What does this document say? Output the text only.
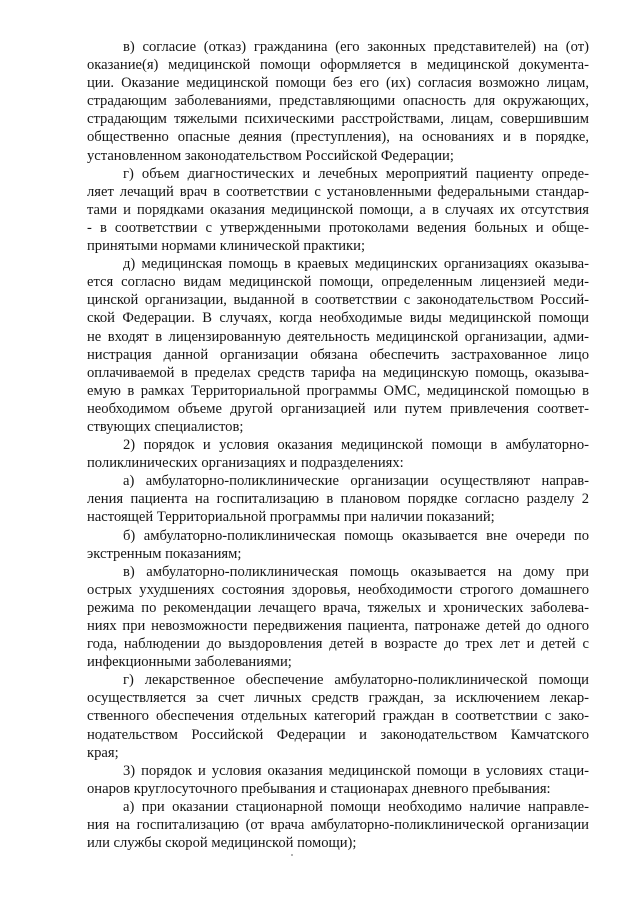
в) согласие (отказ) гражданина (его законных представителей) на (от)
оказание(я) медицинской помощи оформляется в медицинской документа-
ции. Оказание медицинской помощи без его (их) согласия возможно лицам,
страдающим заболеваниями, представляющими опасность для окружающих,
страдающим тяжелыми психическими расстройствами, лицам, совершившим
общественно опасные деяния (преступления), на основаниях и в порядке,
установленном законодательством Российской Федерации;

г) объем диагностических и лечебных мероприятий пациенту опреде-
ляет лечащий врач в соответствии с установленными федеральными стандар-
тами и порядками оказания медицинской помощи, а в случаях их отсутствия
- в соответствии с утвержденными протоколами ведения больных и обще-
принятыми нормами клинической практики;

д) медицинская помощь в краевых медицинских организациях оказыва-
ется согласно видам медицинской помощи, определенным лицензией меди-
цинской организации, выданной в соответствии с законодательством Россий-
ской Федерации. В случаях, когда необходимые виды медицинской помощи
не входят в лицензированную деятельность медицинской организации, адми-
нистрация данной организации обязана обеспечить застрахованное лицо
оплачиваемой в пределах средств тарифа на медицинскую помощь, оказыва-
емую в рамках Территориальной программы ОМС, медицинской помощью в
необходимом объеме другой организацией или путем привлечения соответ-
ствующих специалистов;

2) порядок и условия оказания медицинской помощи в амбулаторно-
поликлинических организациях и подразделениях:

а) амбулаторно-поликлинические организации осуществляют направ-
ления пациента на госпитализацию в плановом порядке согласно разделу 2
настоящей Территориальной программы при наличии показаний;

б) амбулаторно-поликлиническая помощь оказывается вне очереди по
экстренным показаниям;

в) амбулаторно-поликлиническая помощь оказывается на дому при
острых ухудшениях состояния здоровья, необходимости строгого домашнего
режима по рекомендации лечащего врача, тяжелых и хронических заболева-
ниях при невозможности передвижения пациента, патронаже детей до одного
года, наблюдении до выздоровления детей в возрасте до трех лет и детей с
инфекционными заболеваниями;

г) лекарственное обеспечение амбулаторно-поликлинической помощи
осуществляется за счет личных средств граждан, за исключением лекар-
ственного обеспечения отдельных категорий граждан в соответствии с зако-
нодательством Российской Федерации и законодательством Камчатского
края;

3) порядок и условия оказания медицинской помощи в условиях стаци-
онаров круглосуточного пребывания и стационарах дневного пребывания:

а) при оказании стационарной помощи необходимо наличие направле-
ния на госпитализацию (от врача амбулаторно-поликлинической организации
или службы скорой медицинской помощи);
